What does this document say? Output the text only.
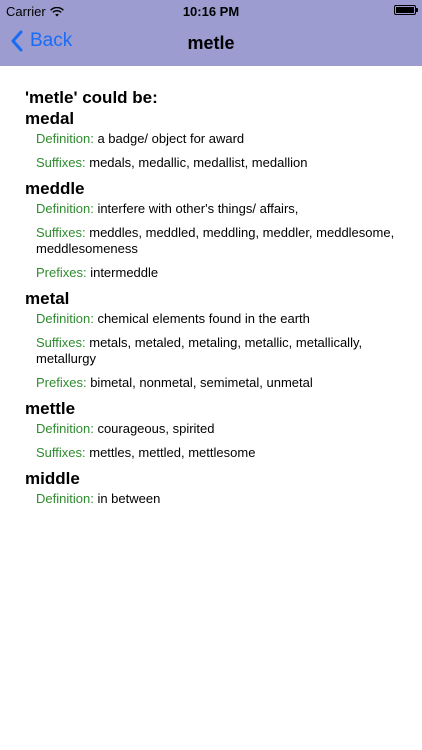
Carrier	10:16 PM
Back	metle
'metle' could be:
medal
Definition: a badge/ object for award
Suffixes: medals, medallic, medallist, medallion
meddle
Definition: interfere with other's things/ affairs,
Suffixes: meddles, meddled, meddling, meddler, meddlesome, meddlesomeness
Prefixes: intermeddle
metal
Definition: chemical elements found in the earth
Suffixes: metals, metaled, metaling, metallic, metallically, metallurgy
Prefixes: bimetal, nonmetal, semimetal, unmetal
mettle
Definition: courageous, spirited
Suffixes: mettles, mettled, mettlesome
middle
Definition: in between
